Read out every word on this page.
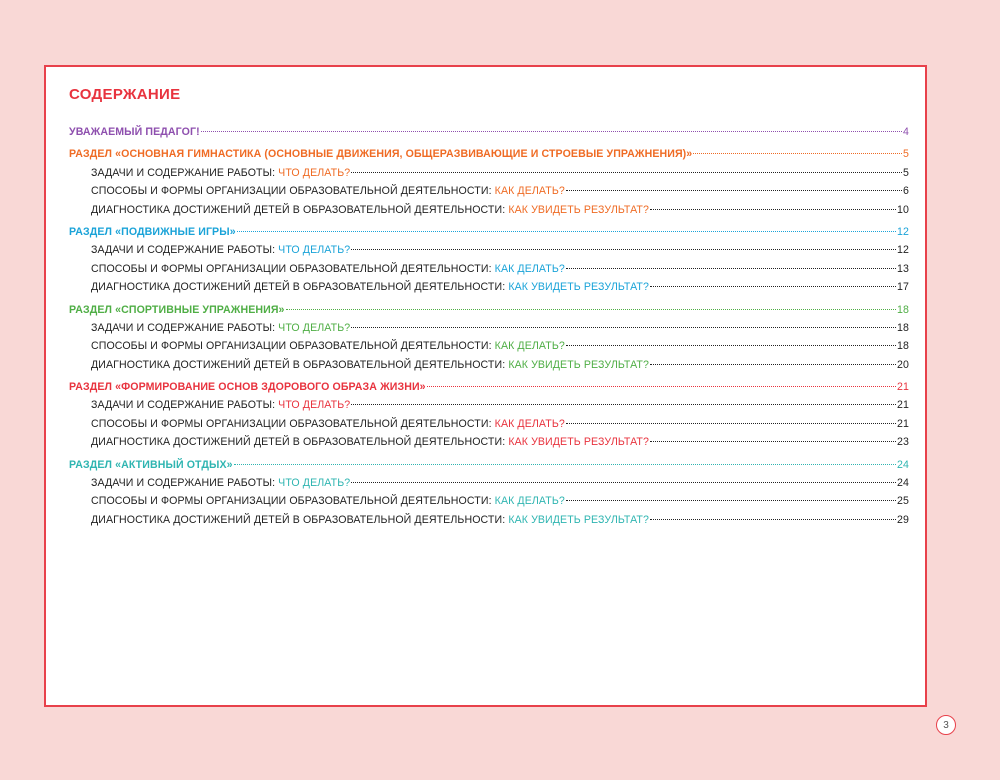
СОДЕРЖАНИЕ
УВАЖАЕМЫЙ ПЕДАГОГ!	4
РАЗДЕЛ «ОСНОВНАЯ ГИМНАСТИКА (ОСНОВНЫЕ ДВИЖЕНИЯ, ОБЩЕРАЗВИВАЮЩИЕ И СТРОЕВЫЕ УПРАЖНЕНИЯ)»	5
ЗАДАЧИ И СОДЕРЖАНИЕ РАБОТЫ: ЧТО ДЕЛАТЬ?	5
СПОСОБЫ И ФОРМЫ ОРГАНИЗАЦИИ ОБРАЗОВАТЕЛЬНОЙ ДЕЯТЕЛЬНОСТИ: КАК ДЕЛАТЬ?	6
ДИАГНОСТИКА ДОСТИЖЕНИЙ ДЕТЕЙ В ОБРАЗОВАТЕЛЬНОЙ ДЕЯТЕЛЬНОСТИ: КАК УВИДЕТЬ РЕЗУЛЬТАТ?	10
РАЗДЕЛ «ПОДВИЖНЫЕ ИГРЫ»	12
ЗАДАЧИ И СОДЕРЖАНИЕ РАБОТЫ: ЧТО ДЕЛАТЬ?	12
СПОСОБЫ И ФОРМЫ ОРГАНИЗАЦИИ ОБРАЗОВАТЕЛЬНОЙ ДЕЯТЕЛЬНОСТИ: КАК ДЕЛАТЬ?	13
ДИАГНОСТИКА ДОСТИЖЕНИЙ ДЕТЕЙ В ОБРАЗОВАТЕЛЬНОЙ ДЕЯТЕЛЬНОСТИ: КАК УВИДЕТЬ РЕЗУЛЬТАТ?	17
РАЗДЕЛ «СПОРТИВНЫЕ УПРАЖНЕНИЯ»	18
ЗАДАЧИ И СОДЕРЖАНИЕ РАБОТЫ: ЧТО ДЕЛАТЬ?	18
СПОСОБЫ И ФОРМЫ ОРГАНИЗАЦИИ ОБРАЗОВАТЕЛЬНОЙ ДЕЯТЕЛЬНОСТИ: КАК ДЕЛАТЬ?	18
ДИАГНОСТИКА ДОСТИЖЕНИЙ ДЕТЕЙ В ОБРАЗОВАТЕЛЬНОЙ ДЕЯТЕЛЬНОСТИ: КАК УВИДЕТЬ РЕЗУЛЬТАТ?	20
РАЗДЕЛ «ФОРМИРОВАНИЕ ОСНОВ ЗДОРОВОГО ОБРАЗА ЖИЗНИ»	21
ЗАДАЧИ И СОДЕРЖАНИЕ РАБОТЫ: ЧТО ДЕЛАТЬ?	21
СПОСОБЫ И ФОРМЫ ОРГАНИЗАЦИИ ОБРАЗОВАТЕЛЬНОЙ ДЕЯТЕЛЬНОСТИ: КАК ДЕЛАТЬ?	21
ДИАГНОСТИКА ДОСТИЖЕНИЙ ДЕТЕЙ В ОБРАЗОВАТЕЛЬНОЙ ДЕЯТЕЛЬНОСТИ: КАК УВИДЕТЬ РЕЗУЛЬТАТ?	23
РАЗДЕЛ «АКТИВНЫЙ ОТДЫХ»	24
ЗАДАЧИ И СОДЕРЖАНИЕ РАБОТЫ: ЧТО ДЕЛАТЬ?	24
СПОСОБЫ И ФОРМЫ ОРГАНИЗАЦИИ ОБРАЗОВАТЕЛЬНОЙ ДЕЯТЕЛЬНОСТИ: КАК ДЕЛАТЬ?	25
ДИАГНОСТИКА ДОСТИЖЕНИЙ ДЕТЕЙ В ОБРАЗОВАТЕЛЬНОЙ ДЕЯТЕЛЬНОСТИ: КАК УВИДЕТЬ РЕЗУЛЬТАТ?	29
3
